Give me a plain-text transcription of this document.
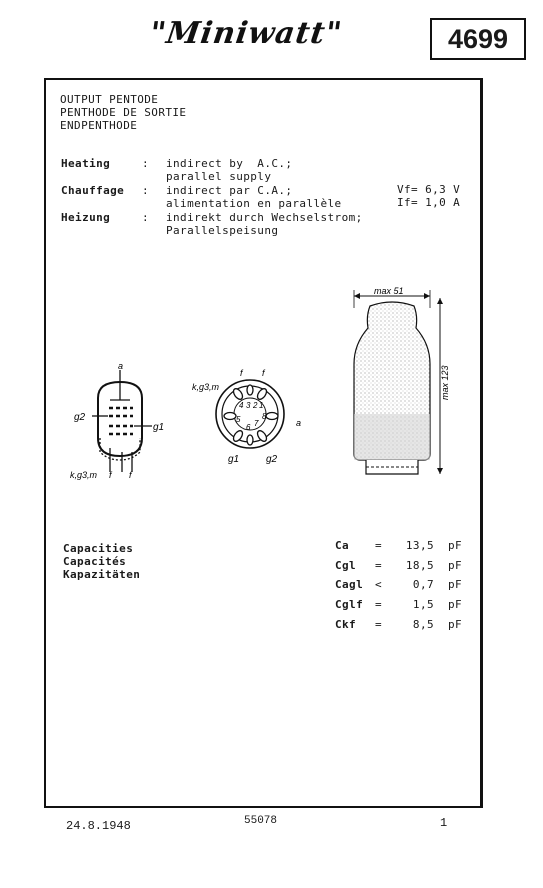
"Miniwatt"	4699
OUTPUT PENTODE
PENTHODE DE SORTIE
ENDPENTHODE
Heating	: indirect by  A.C.;
parallel supply
Chauffage : indirect par C.A.;
alimentation en parallèle
Heizung	: indirekt durch Wechselstrom;
Parallelspeisung
Vf= 6,3 V
If= 1,0 A
a
g2
g1
k,g3,m f f
k,g3,m
f f
a
g1	g2
4 3 2 1
5
6 7
8
max 51
max 123
Capacities
Capacités
Kapazitäten
Ca =	13,5 pF
Cgl =	18,5 pF
Cagl <	0,7 pF
Cglf =	1,5 pF
Ckf =	8,5 pF
24.8.1948	55078	1
